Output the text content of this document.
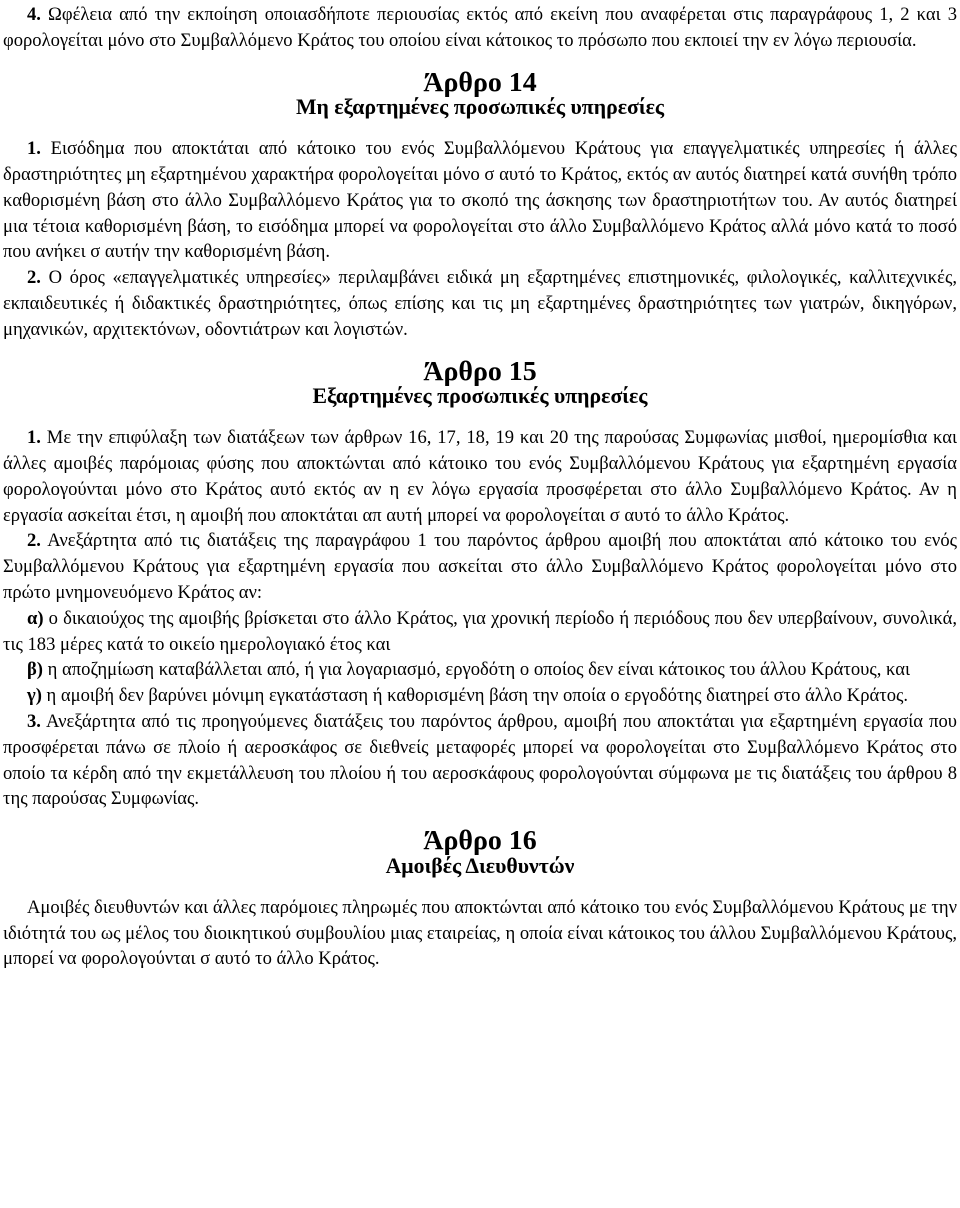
4. Ωφέλεια από την εκποίηση οποιασδήποτε περιουσίας εκτός από εκείνη που αναφέρεται στις παραγράφους 1, 2 και 3 φορολογείται μόνο στο Συμβαλλόμενο Κράτος του οποίου είναι κάτοικος το πρόσωπο που εκποιεί την εν λόγω περιουσία.

Άρθρο 14
Μη εξαρτημένες προσωπικές υπηρεσίες

1. Εισόδημα που αποκτάται από κάτοικο του ενός Συμβαλλόμενου Κράτους για επαγγελματικές υπηρεσίες ή άλλες δραστηριότητες μη εξαρτημένου χαρακτήρα φορολογείται μόνο σ αυτό το Κράτος, εκτός αν αυτός διατηρεί κατά συνήθη τρόπο καθορισμένη βάση στο άλλο Συμβαλλόμενο Κράτος για το σκοπό της άσκησης των δραστηριοτήτων του. Αν αυτός διατηρεί μια τέτοια καθορισμένη βάση, το εισόδημα μπορεί να φορολογείται στο άλλο Συμβαλλόμενο Κράτος αλλά μόνο κατά το ποσό που ανήκει σ αυτήν την καθορισμένη βάση.

2. Ο όρος «επαγγελματικές υπηρεσίες» περιλαμβάνει ειδικά μη εξαρτημένες επιστημονικές, φιλολογικές, καλλιτεχνικές, εκπαιδευτικές ή διδακτικές δραστηριότητες, όπως επίσης και τις μη εξαρτημένες δραστηριότητες των γιατρών, δικηγόρων, μηχανικών, αρχιτεκτόνων, οδοντιάτρων και λογιστών.

Άρθρο 15
Εξαρτημένες προσωπικές υπηρεσίες

1. Με την επιφύλαξη των διατάξεων των άρθρων 16, 17, 18, 19 και 20 της παρούσας Συμφωνίας μισθοί, ημερομίσθια και άλλες αμοιβές παρόμοιας φύσης που αποκτώνται από κάτοικο του ενός Συμβαλλόμενου Κράτους για εξαρτημένη εργασία φορολογούνται μόνο στο Κράτος αυτό εκτός αν η εν λόγω εργασία προσφέρεται στο άλλο Συμβαλλόμενο Κράτος. Αν η εργασία ασκείται έτσι, η αμοιβή που αποκτάται απ αυτή μπορεί να φορολογείται σ αυτό το άλλο Κράτος.

2. Ανεξάρτητα από τις διατάξεις της παραγράφου 1 του παρόντος άρθρου αμοιβή που αποκτάται από κάτοικο του ενός Συμβαλλόμενου Κράτους για εξαρτημένη εργασία που ασκείται στο άλλο Συμβαλλόμενο Κράτος φορολογείται μόνο στο πρώτο μνημονευόμενο Κράτος αν:

α) ο δικαιούχος της αμοιβής βρίσκεται στο άλλο Κράτος, για χρονική περίοδο ή περιόδους που δεν υπερβαίνουν, συνολικά, τις 183 μέρες κατά το οικείο ημερολογιακό έτος και

β) η αποζημίωση καταβάλλεται από, ή για λογαριασμό, εργοδότη ο οποίος δεν είναι κάτοικος του άλλου Κράτους, και

γ) η αμοιβή δεν βαρύνει μόνιμη εγκατάσταση ή καθορισμένη βάση την οποία ο εργοδότης διατηρεί στο άλλο Κράτος.

3. Ανεξάρτητα από τις προηγούμενες διατάξεις του παρόντος άρθρου, αμοιβή που αποκτάται για εξαρτημένη εργασία που προσφέρεται πάνω σε πλοίο ή αεροσκάφος σε διεθνείς μεταφορές μπορεί να φορολογείται στο Συμβαλλόμενο Κράτος στο οποίο τα κέρδη από την εκμετάλλευση του πλοίου ή του αεροσκάφους φορολογούνται σύμφωνα με τις διατάξεις του άρθρου 8 της παρούσας Συμφωνίας.

Άρθρο 16
Αμοιβές Διευθυντών

Αμοιβές διευθυντών και άλλες παρόμοιες πληρωμές που αποκτώνται από κάτοικο του ενός Συμβαλλόμενου Κράτους με την ιδιότητά του ως μέλος του διοικητικού συμβουλίου μιας εταιρείας, η οποία είναι κάτοικος του άλλου Συμβαλλόμενου Κράτους, μπορεί να φορολογούνται σ αυτό το άλλο Κράτος.
